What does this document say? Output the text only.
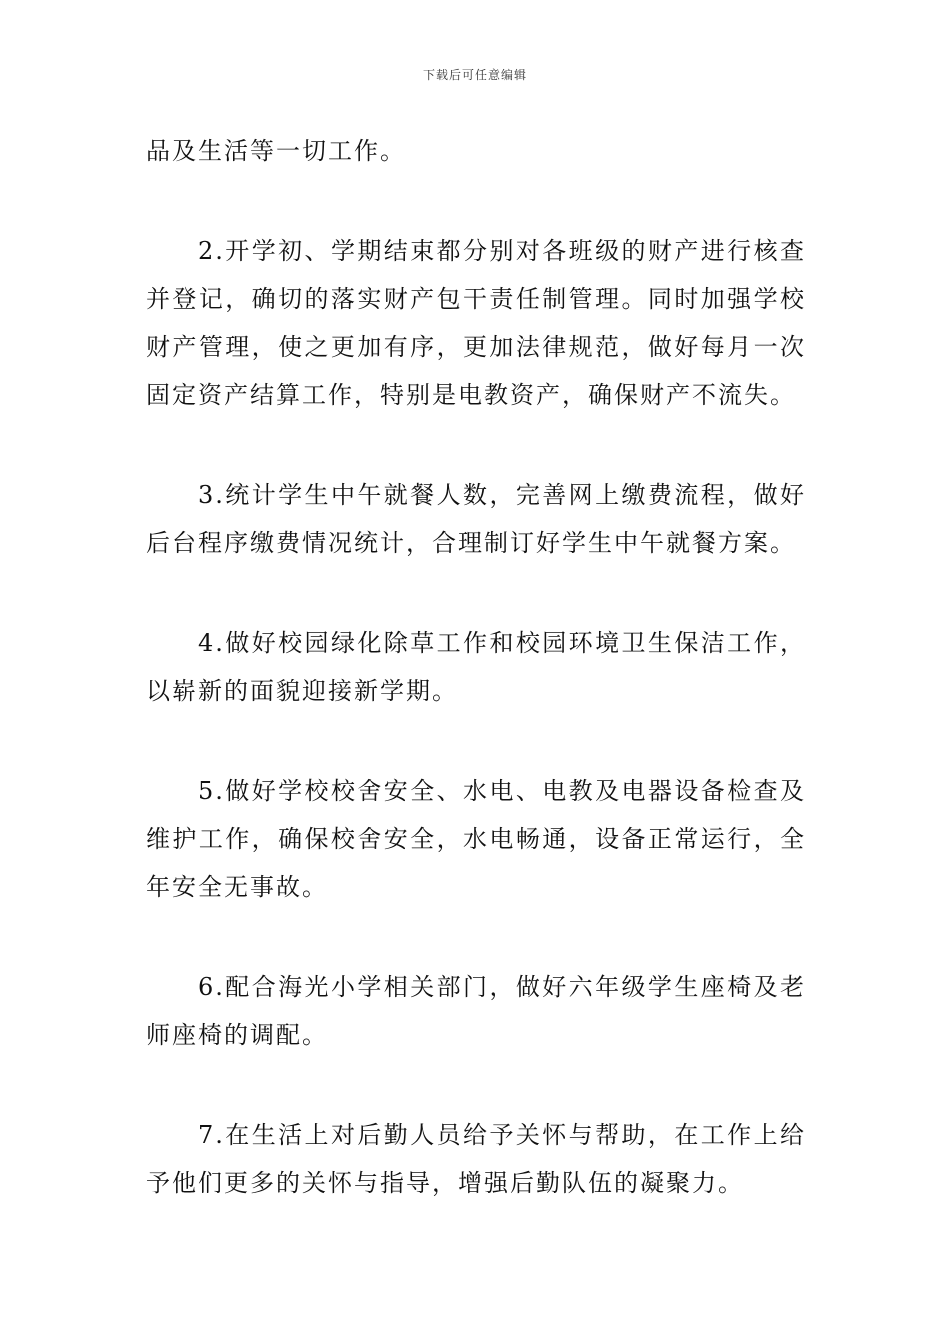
下载后可任意编辑

品及生活等一切工作。

2.开学初、学期结束都分别对各班级的财产进行核查并登记，确切的落实财产包干责任制管理。同时加强学校财产管理，使之更加有序，更加法律规范，做好每月一次固定资产结算工作，特别是电教资产，确保财产不流失。

3.统计学生中午就餐人数，完善网上缴费流程，做好后台程序缴费情况统计，合理制订好学生中午就餐方案。

4.做好校园绿化除草工作和校园环境卫生保洁工作，以崭新的面貌迎接新学期。

5.做好学校校舍安全、水电、电教及电器设备检查及维护工作，确保校舍安全，水电畅通，设备正常运行，全年安全无事故。

6.配合海光小学相关部门，做好六年级学生座椅及老师座椅的调配。

7.在生活上对后勤人员给予关怀与帮助，在工作上给予他们更多的关怀与指导，增强后勤队伍的凝聚力。
